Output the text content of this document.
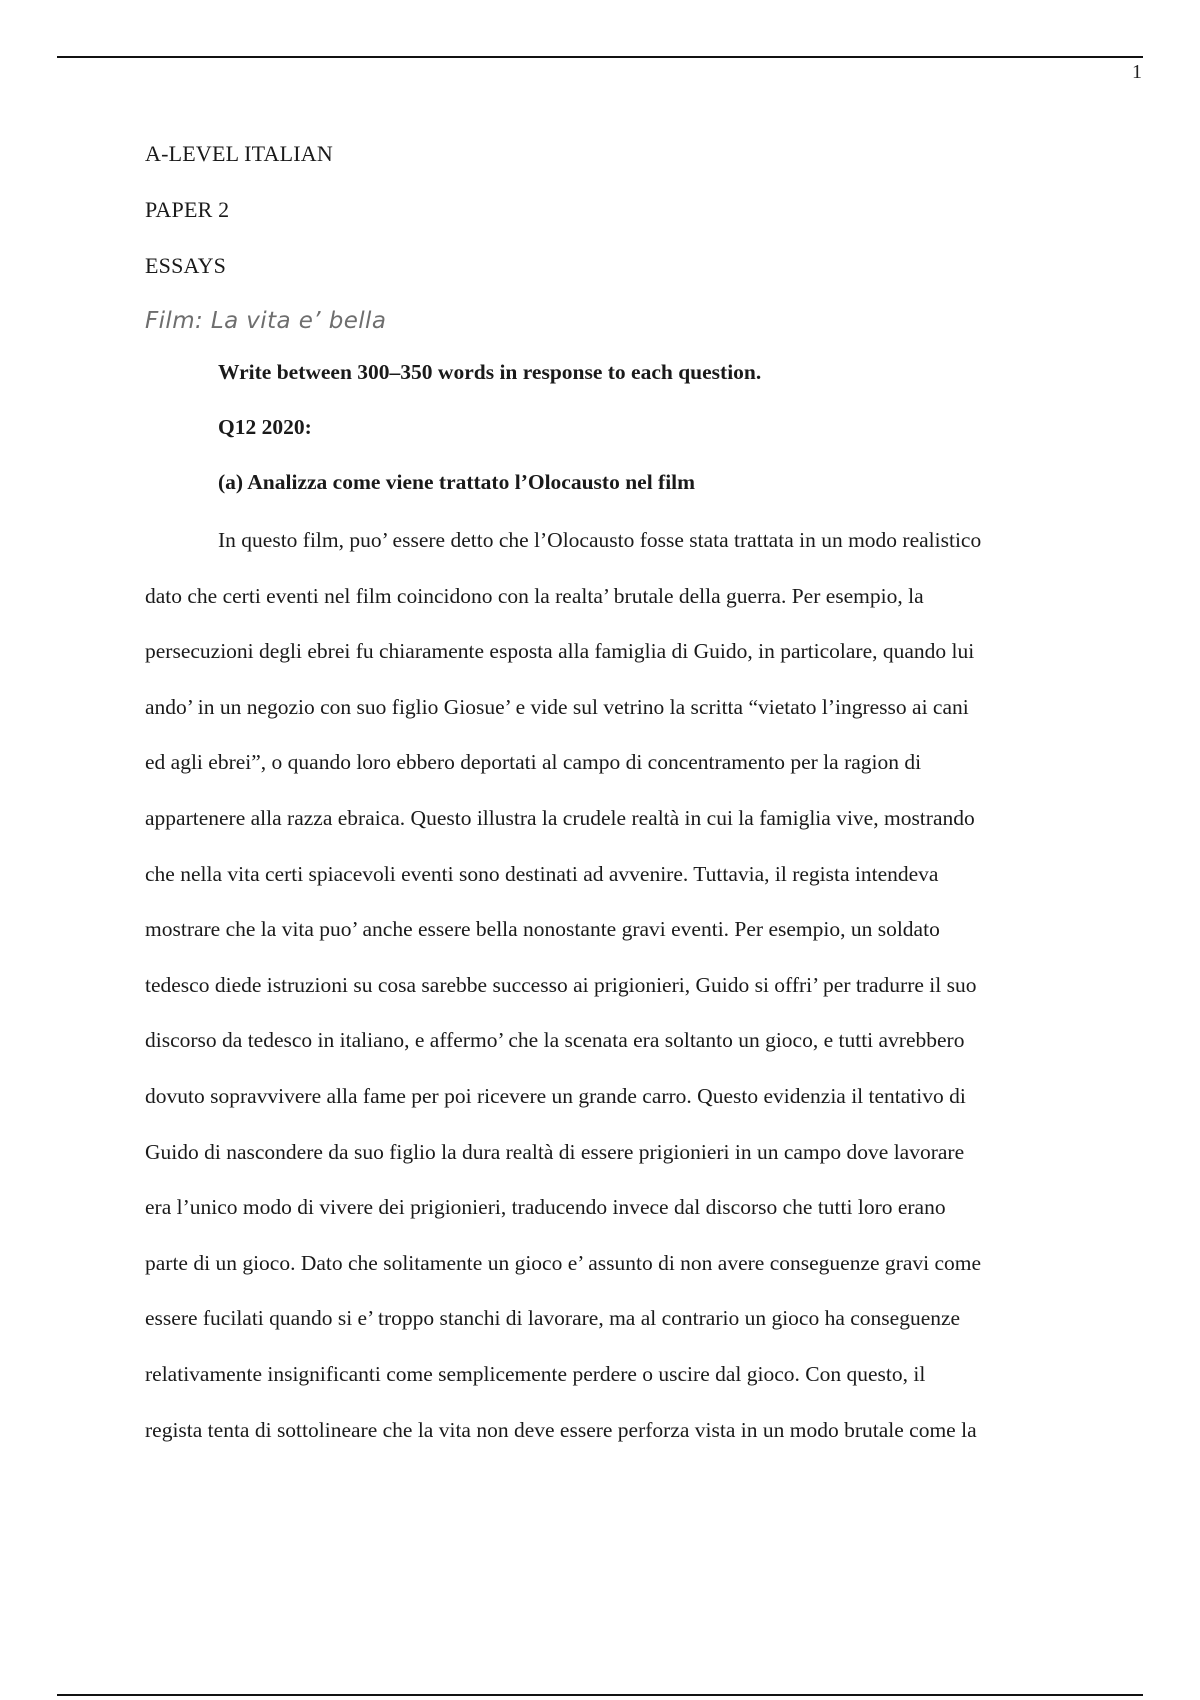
1
A-LEVEL ITALIAN
PAPER 2
ESSAYS
Film: La vita e’ bella
Write between 300–350 words in response to each question.
Q12 2020:
(a) Analizza come viene trattato l’Olocausto nel film
In questo film, puo’ essere detto che l’Olocausto fosse stata trattata in un modo realistico
dato che certi eventi nel film coincidono con la realta’ brutale della guerra. Per esempio, la
persecuzioni degli ebrei fu chiaramente esposta alla famiglia di Guido, in particolare, quando lui
ando’ in un negozio con suo figlio Giosue’ e vide sul vetrino la scritta “vietato l’ingresso ai cani
ed agli ebrei”, o quando loro ebbero deportati al campo di concentramento per la ragion di
appartenere alla razza ebraica. Questo illustra la crudele realtà in cui la famiglia vive, mostrando
che nella vita certi spiacevoli eventi sono destinati ad avvenire. Tuttavia, il regista intendeva
mostrare che la vita puo’ anche essere bella nonostante gravi eventi. Per esempio, un soldato
tedesco diede istruzioni su cosa sarebbe successo ai prigionieri, Guido si offri’ per tradurre il suo
discorso da tedesco in italiano, e affermo’ che la scenata era soltanto un gioco, e tutti avrebbero
dovuto sopravvivere alla fame per poi ricevere un grande carro. Questo evidenzia il tentativo di
Guido di nascondere da suo figlio la dura realtà di essere prigionieri in un campo dove lavorare
era l’unico modo di vivere dei prigionieri, traducendo invece dal discorso che tutti loro erano
parte di un gioco. Dato che solitamente un gioco e’ assunto di non avere conseguenze gravi come
essere fucilati quando si e’ troppo stanchi di lavorare, ma al contrario un gioco ha conseguenze
relativamente insignificanti come semplicemente perdere o uscire dal gioco. Con questo, il
regista tenta di sottolineare che la vita non deve essere perforza vista in un modo brutale come la
